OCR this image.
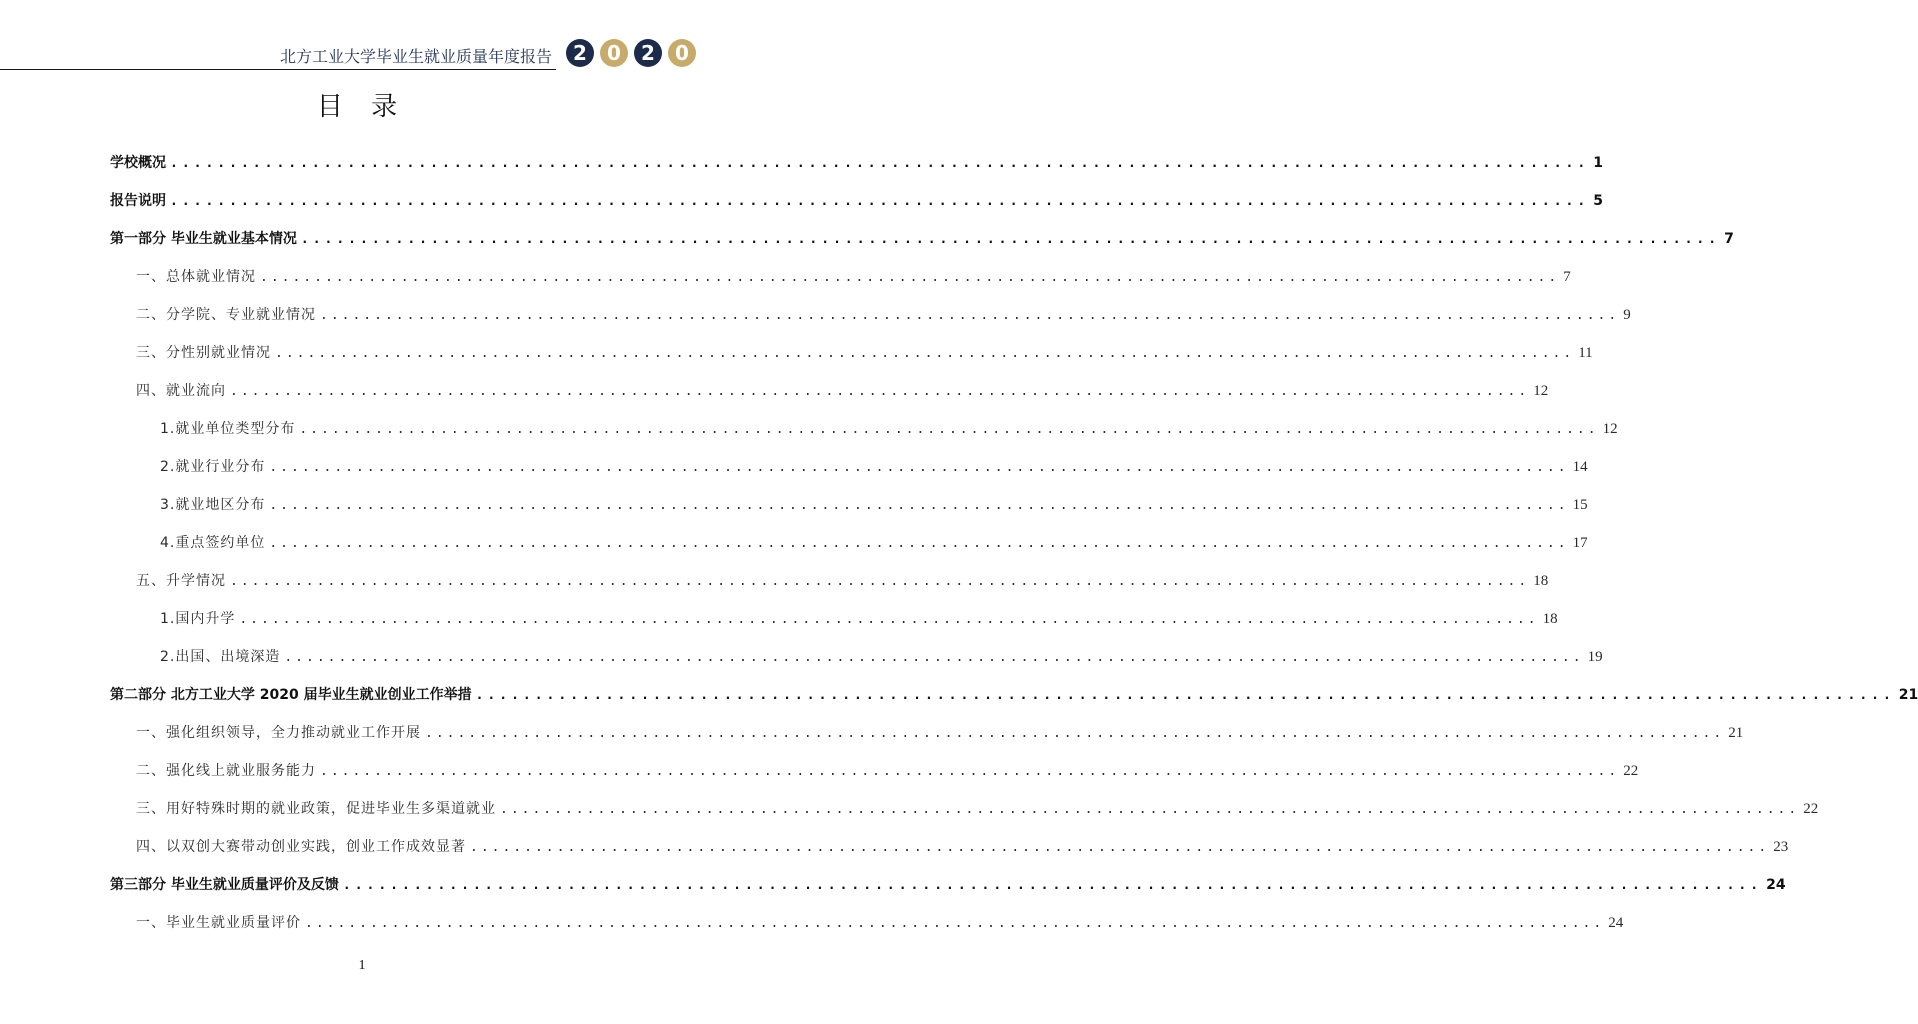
北方工业大学毕业生就业质量年度报告	2	0	2	0
目 录
学校概况 ........................................................................................................................ 1
报告说明 ........................................................................................................................ 5
第一部分 毕业生就业基本情况 ........................................................................................................................ 7
一、总体就业情况 ........................................................................................................................ 7
二、分学院、专业就业情况 ........................................................................................................................ 9
三、分性别就业情况 ........................................................................................................................ 11
四、就业流向 ........................................................................................................................ 12
1.就业单位类型分布 ........................................................................................................................ 12
2.就业行业分布 ........................................................................................................................ 14
3.就业地区分布 ........................................................................................................................ 15
4.重点签约单位 ........................................................................................................................ 17
五、升学情况 ........................................................................................................................ 18
1.国内升学 ........................................................................................................................ 18
2.出国、出境深造 ........................................................................................................................ 19
第二部分 北方工业大学 2020 届毕业生就业创业工作举措 ........................................................................................................................ 21
一、强化组织领导，全力推动就业工作开展 ........................................................................................................................ 21
二、强化线上就业服务能力 ........................................................................................................................ 22
三、用好特殊时期的就业政策，促进毕业生多渠道就业 ........................................................................................................................ 22
四、以双创大赛带动创业实践，创业工作成效显著 ........................................................................................................................ 23
第三部分 毕业生就业质量评价及反馈 ........................................................................................................................ 24
一、毕业生就业质量评价 ........................................................................................................................ 24
1
